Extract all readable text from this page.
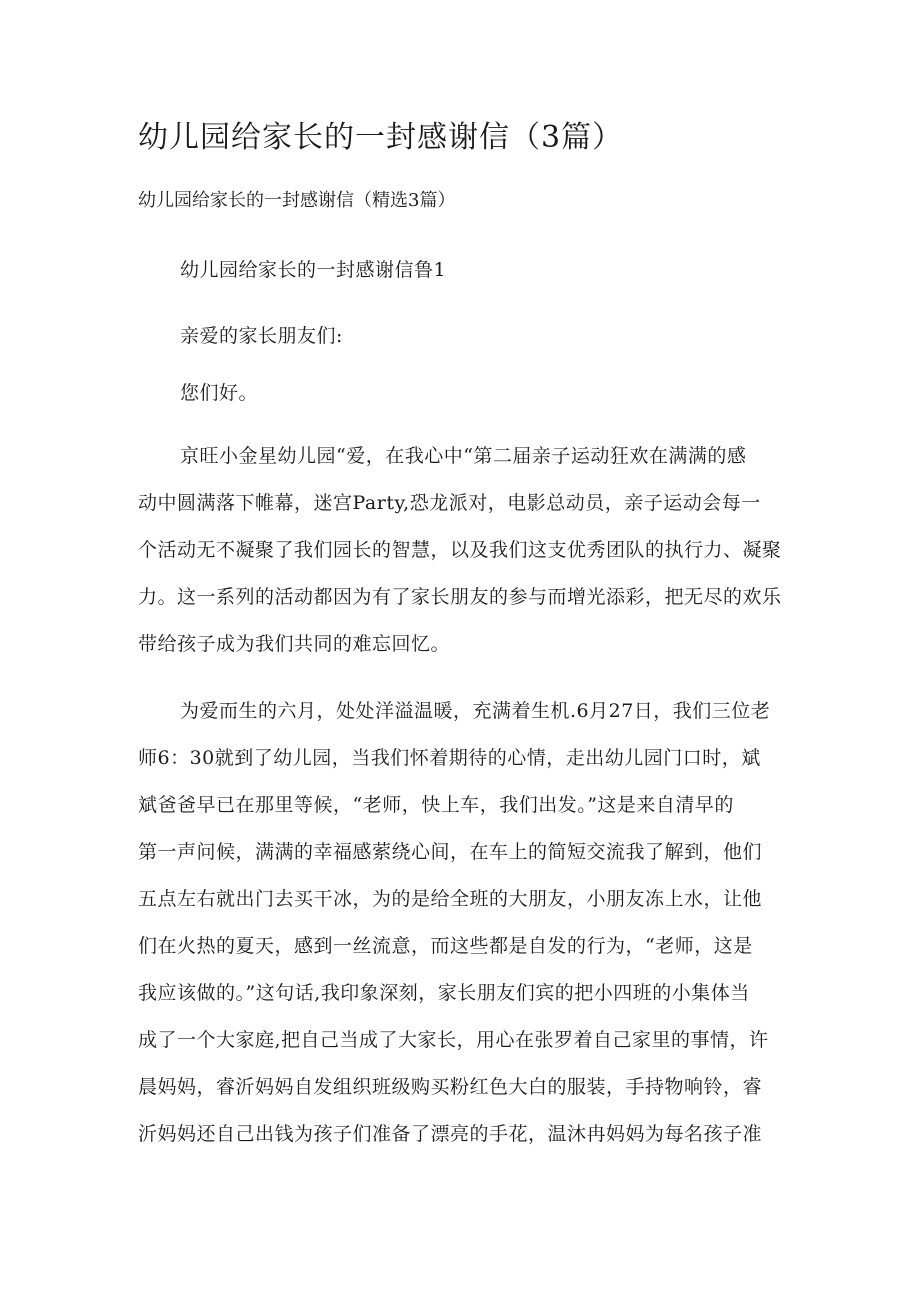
幼儿园给家长的一封感谢信（3篇）

幼儿园给家长的一封感谢信（精选3篇）

幼儿园给家长的一封感谢信鲁1

亲爱的家长朋友们:

您们好。

京旺小金星幼儿园“爱，在我心中“第二届亲子运动狂欢在满满的感

动中圆满落下帷幕，迷宫Party,恐龙派对，电影总动员，亲子运动会每一

个活动无不凝聚了我们园长的智慧，以及我们这支优秀团队的执行力、凝聚

力。这一系列的活动都因为有了家长朋友的参与而增光添彩，把无尽的欢乐

带给孩子成为我们共同的难忘回忆。

为爱而生的六月，处处洋溢温暖，充满着生机.6月27日，我们三位老

师6：30就到了幼儿园，当我们怀着期待的心情，走出幼儿园门口时，斌

斌爸爸早已在那里等候，“老师，快上车，我们出发。”这是来自清早的

第一声问候，满满的幸福感萦绕心间，在车上的简短交流我了解到，他们

五点左右就出门去买干冰，为的是给全班的大朋友，小朋友冻上水，让他

们在火热的夏天，感到一丝流意，而这些都是自发的行为，“老师，这是

我应该做的。”这句话,我印象深刻，家长朋友们宾的把小四班的小集体当

成了一个大家庭,把自己当成了大家长，用心在张罗着自己家里的事情，许

晨妈妈，睿沂妈妈自发组织班级购买粉红色大白的服装，手持物响铃，睿

沂妈妈还自己出钱为孩子们准备了漂亮的手花，温沐冉妈妈为每名孩子准
